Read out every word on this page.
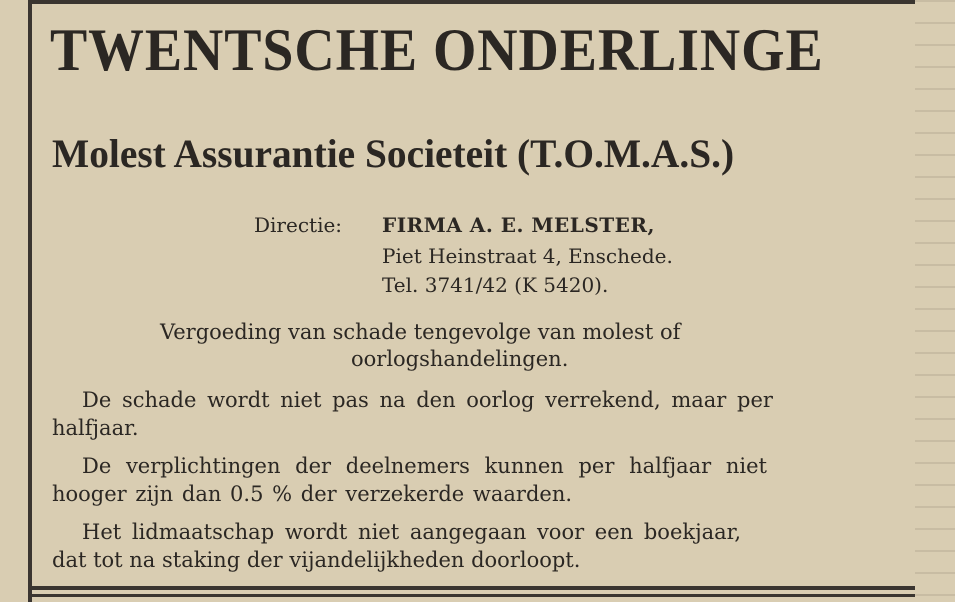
TWENTSCHE ONDERLINGE
Molest Assurantie Societeit (T.O.M.A.S.)
Directie: FIRMA A. E. MELSTER,
Piet Heinstraat 4, Enschede.
Tel. 3741/42 (K 5420).
Vergoeding van schade tengevolge van molest of
oorlogshandelingen.
De schade wordt niet pas na den oorlog verrekend, maar per
halfjaar.
De verplichtingen der deelnemers kunnen per halfjaar niet
hooger zijn dan 0.5 % der verzekerde waarden.
Het lidmaatschap wordt niet aangegaan voor een boekjaar,
dat tot na staking der vijandelijkheden doorloopt.
